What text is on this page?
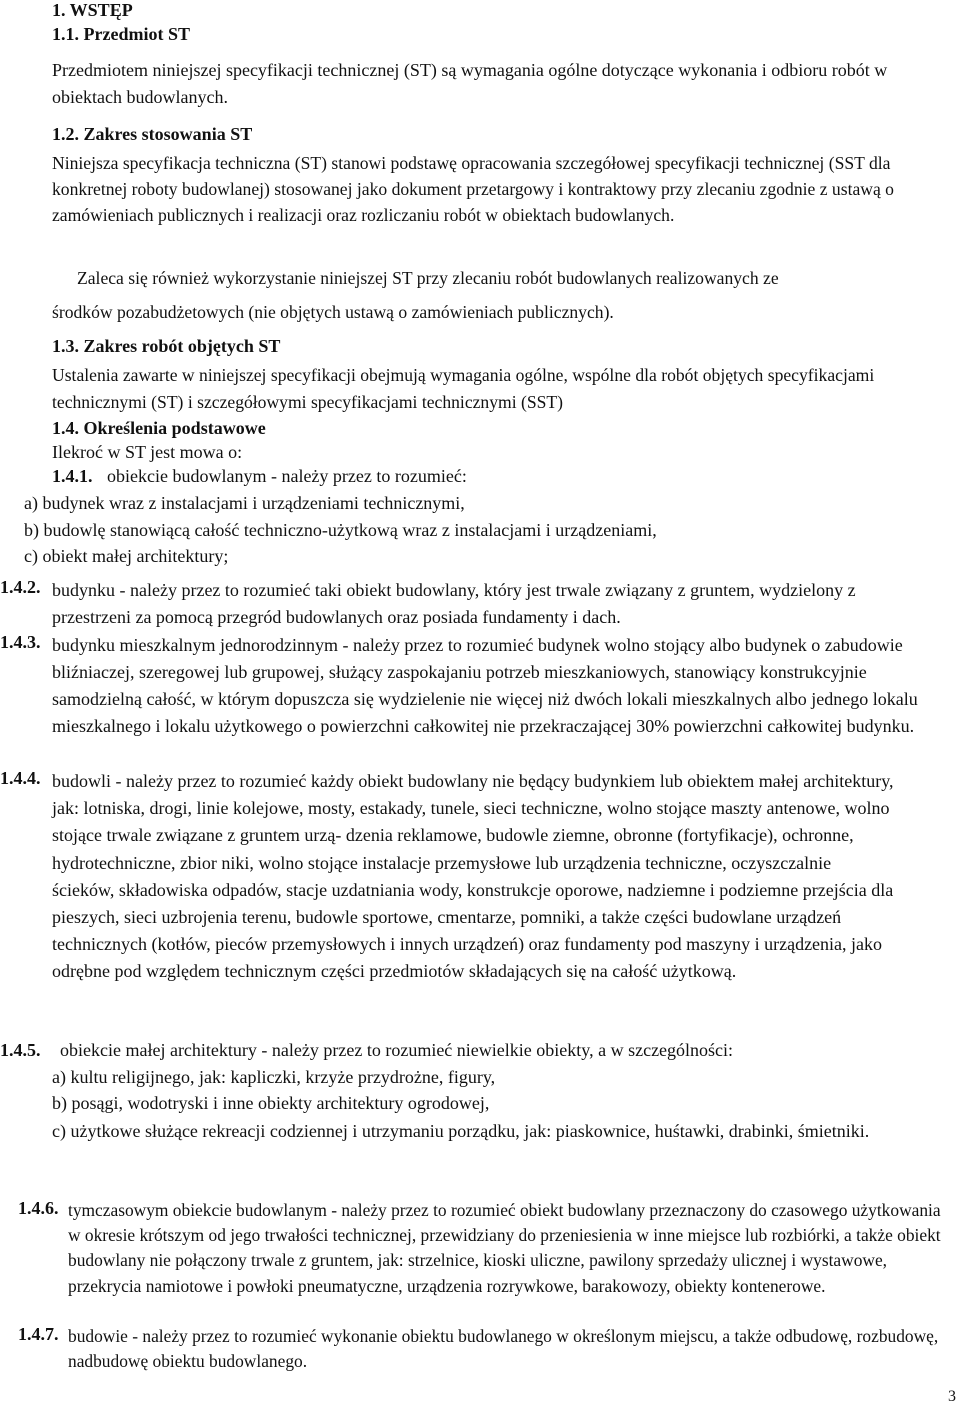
1. WSTĘP
1.1. Przedmiot ST
Przedmiotem niniejszej specyfikacji technicznej (ST) są wymagania ogólne dotyczące wykonania i odbioru robót w obiektach budowlanych.
1.2. Zakres stosowania ST
Niniejsza specyfikacja techniczna (ST) stanowi podstawę opracowania szczegółowej specyfikacji technicznej (SST dla konkretnej roboty budowlanej) stosowanej jako dokument przetargowy i kontraktowy przy zlecaniu zgodnie z ustawą o zamówieniach publicznych i realizacji oraz rozliczaniu robót w obiektach budowlanych.
Zaleca się również wykorzystanie niniejszej ST przy zlecaniu robót budowlanych realizowanych ze
środków pozabudżetowych (nie objętych ustawą o zamówieniach publicznych).
1.3. Zakres robót objętych ST
Ustalenia zawarte w niniejszej specyfikacji obejmują wymagania ogólne, wspólne dla robót objętych specyfikacjami technicznymi (ST) i szczegółowymi specyfikacjami technicznymi (SST)
1.4. Określenia podstawowe
Ilekroć w ST jest mowa o:
1.4.1. obiekcie budowlanym - należy przez to rozumieć:
a) budynek wraz z instalacjami i urządzeniami technicznymi,
b) budowlę stanowiącą całość techniczno-użytkową wraz z instalacjami i urządzeniami,
c) obiekt małej architektury;
1.4.2. budynku - należy przez to rozumieć taki obiekt budowlany, który jest trwale związany z gruntem, wydzielony z przestrzeni za pomocą przegród budowlanych oraz posiada fundamenty i dach.
1.4.3. budynku mieszkalnym jednorodzinnym - należy przez to rozumieć budynek wolno stojący albo budynek o zabudowie bliźniaczej, szeregowej lub grupowej, służący zaspokajaniu potrzeb mieszkaniowych, stanowiący konstrukcyjnie samodzielną całość, w którym dopuszcza się wydzielenie nie więcej niż dwóch lokali mieszkalnych albo jednego lokalu mieszkalnego i lokalu użytkowego o powierzchni całkowitej nie przekraczającej 30% powierzchni całkowitej budynku.
1.4.4. budowli - należy przez to rozumieć każdy obiekt budowlany nie będący budynkiem lub obiektem małej architektury, jak: lotniska, drogi, linie kolejowe, mosty, estakady, tunele, sieci techniczne, wolno stojące maszty antenowe, wolno stojące trwale związane z gruntem urzą- dzenia reklamowe, budowle ziemne, obronne (fortyfikacje), ochronne, hydrotechniczne, zbior niki, wolno stojące instalacje przemysłowe lub urządzenia techniczne, oczyszczalnie ścieków, składowiska odpadów, stacje uzdatniania wody, konstrukcje oporowe, nadziemne i podziemne przejścia dla pieszych, sieci uzbrojenia terenu, budowle sportowe, cmentarze, pomniki, a także części budowlane urządzeń technicznych (kotłów, pieców przemysłowych i innych urządzeń) oraz fundamenty pod maszyny i urządzenia, jako odrębne pod względem technicznym części przedmiotów składających się na całość użytkową.
1.4.5. obiekcie małej architektury - należy przez to rozumieć niewielkie obiekty, a w szczególności:
a) kultu religijnego, jak: kapliczki, krzyże przydrożne, figury,
b) posągi, wodotryski i inne obiekty architektury ogrodowej,
c) użytkowe służące rekreacji codziennej i utrzymaniu porządku, jak: piaskownice, huśtawki, drabinki, śmietniki.
1.4.6. tymczasowym obiekcie budowlanym - należy przez to rozumieć obiekt budowlany przeznaczony do czasowego użytkowania w okresie krótszym od jego trwałości technicznej, przewidziany do przeniesienia w inne miejsce lub rozbiórki, a także obiekt budowlany nie połączony trwale z gruntem, jak: strzelnice, kioski uliczne, pawilony sprzedaży ulicznej i wystawowe, przekrycia namiotowe i powłoki pneumatyczne, urządzenia rozrywkowe, barakowozy, obiekty kontenerowe.
1.4.7. budowie - należy przez to rozumieć wykonanie obiektu budowlanego w określonym miejscu, a także odbudowę, rozbudowę, nadbudowę obiektu budowlanego.
3
